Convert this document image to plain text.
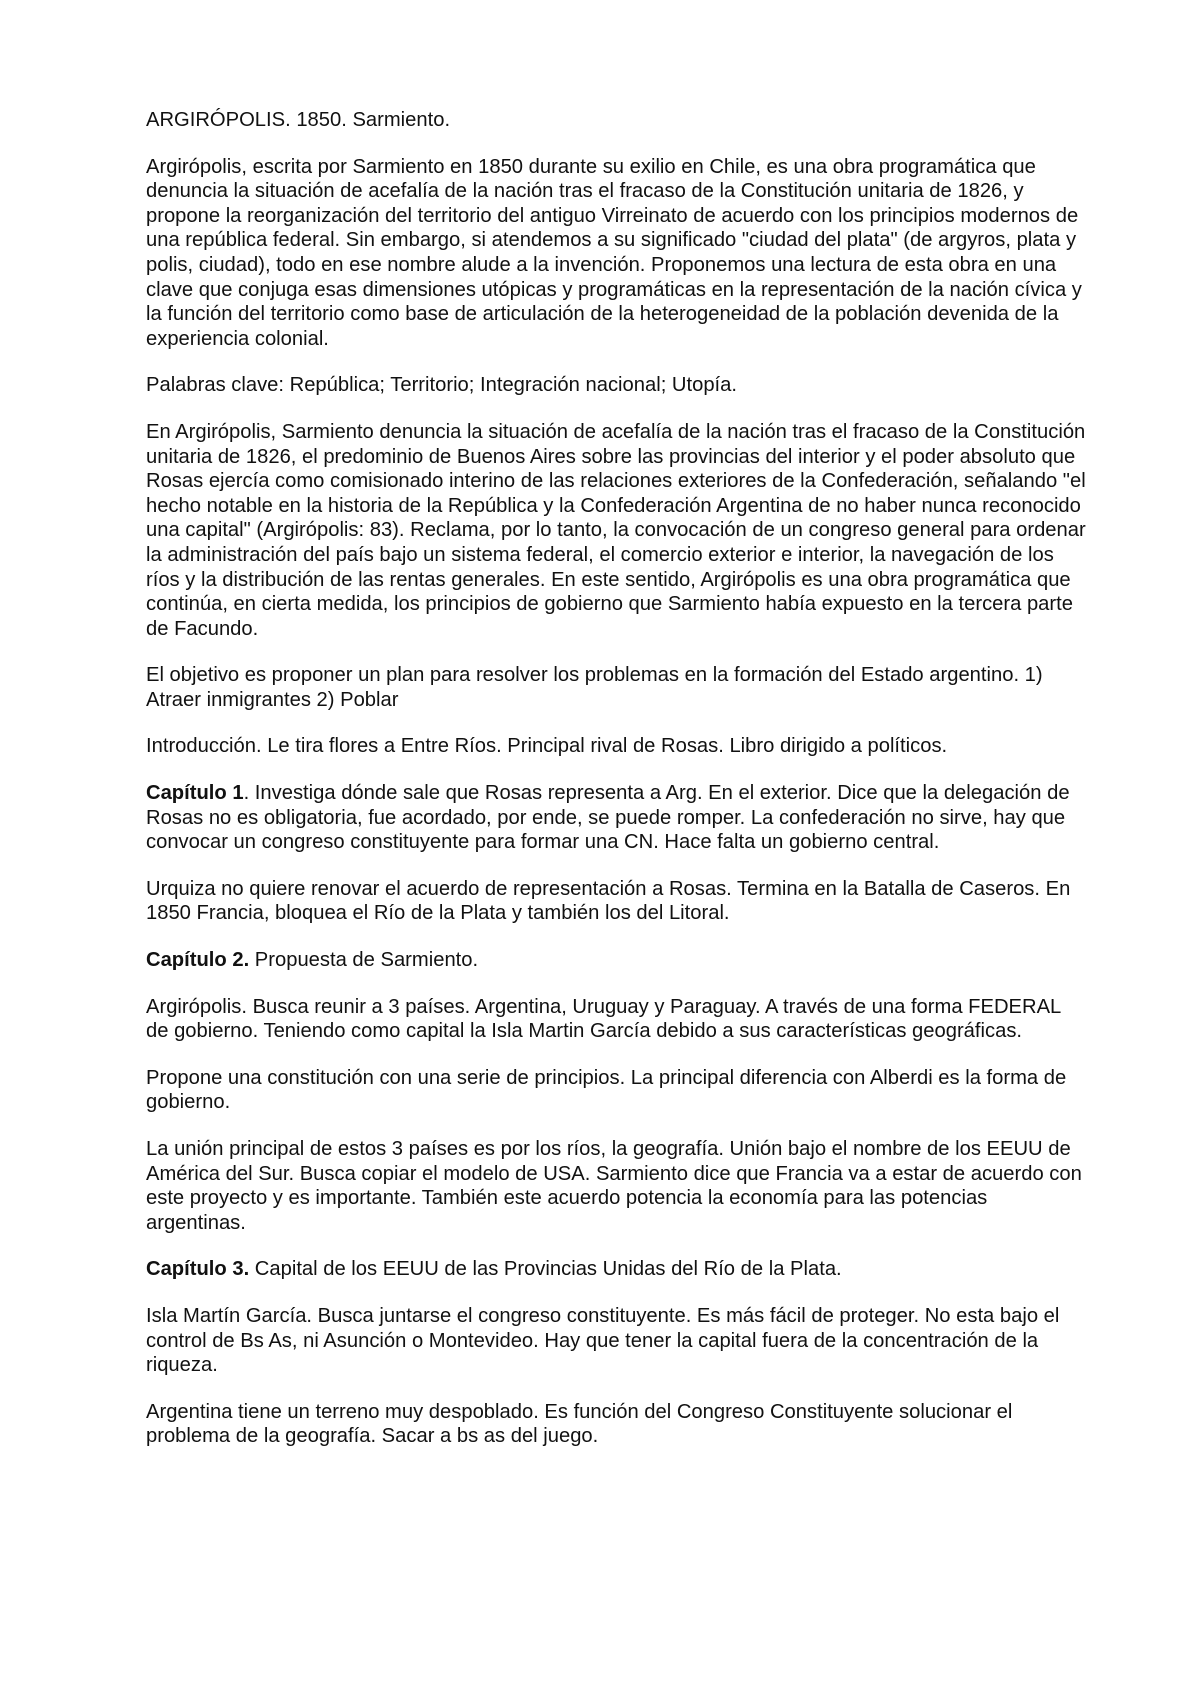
ARGIRÓPOLIS. 1850. Sarmiento.

Argirópolis, escrita por Sarmiento en 1850 durante su exilio en Chile, es una obra programática que denuncia la situación de acefalía de la nación tras el fracaso de la Constitución unitaria de 1826, y propone la reorganización del territorio del antiguo Virreinato de acuerdo con los principios modernos de una república federal. Sin embargo, si atendemos a su significado "ciudad del plata" (de argyros, plata y polis, ciudad), todo en ese nombre alude a la invención. Proponemos una lectura de esta obra en una clave que conjuga esas dimensiones utópicas y programáticas en la representación de la nación cívica y la función del territorio como base de articulación de la heterogeneidad de la población devenida de la experiencia colonial.

Palabras clave: República; Territorio; Integración nacional; Utopía.

En Argirópolis, Sarmiento denuncia la situación de acefalía de la nación tras el fracaso de la Constitución unitaria de 1826, el predominio de Buenos Aires sobre las provincias del interior y el poder absoluto que Rosas ejercía como comisionado interino de las relaciones exteriores de la Confederación, señalando "el hecho notable en la historia de la República y la Confederación Argentina de no haber nunca reconocido una capital" (Argirópolis: 83). Reclama, por lo tanto, la convocación de un congreso general para ordenar la administración del país bajo un sistema federal, el comercio exterior e interior, la navegación de los ríos y la distribución de las rentas generales. En este sentido, Argirópolis es una obra programática que continúa, en cierta medida, los principios de gobierno que Sarmiento había expuesto en la tercera parte de Facundo.

El objetivo es proponer un plan para resolver los problemas en la formación del Estado argentino. 1) Atraer inmigrantes 2) Poblar

Introducción. Le tira flores a Entre Ríos. Principal rival de Rosas. Libro dirigido a políticos.

Capítulo 1. Investiga dónde sale que Rosas representa a Arg. En el exterior. Dice que la delegación de Rosas no es obligatoria, fue acordado, por ende, se puede romper. La confederación no sirve, hay que convocar un congreso constituyente para formar una CN. Hace falta un gobierno central.

Urquiza no quiere renovar el acuerdo de representación a Rosas. Termina en la Batalla de Caseros. En 1850 Francia, bloquea el Río de la Plata y también los del Litoral.

Capítulo 2. Propuesta de Sarmiento.

Argirópolis. Busca reunir a 3 países. Argentina, Uruguay y Paraguay. A través de una forma FEDERAL de gobierno. Teniendo como capital la Isla Martin García debido a sus características geográficas.

Propone una constitución con una serie de principios. La principal diferencia con Alberdi es la forma de gobierno.

La unión principal de estos 3 países es por los ríos, la geografía. Unión bajo el nombre de los EEUU de América del Sur. Busca copiar el modelo de USA. Sarmiento dice que Francia va a estar de acuerdo con este proyecto y es importante. También este acuerdo potencia la economía para las potencias argentinas.

Capítulo 3. Capital de los EEUU de las Provincias Unidas del Río de la Plata.

Isla Martín García. Busca juntarse el congreso constituyente. Es más fácil de proteger. No esta bajo el control de Bs As, ni Asunción o Montevideo. Hay que tener la capital fuera de la concentración de la riqueza.

Argentina tiene un terreno muy despoblado. Es función del Congreso Constituyente solucionar el problema de la geografía. Sacar a bs as del juego.
